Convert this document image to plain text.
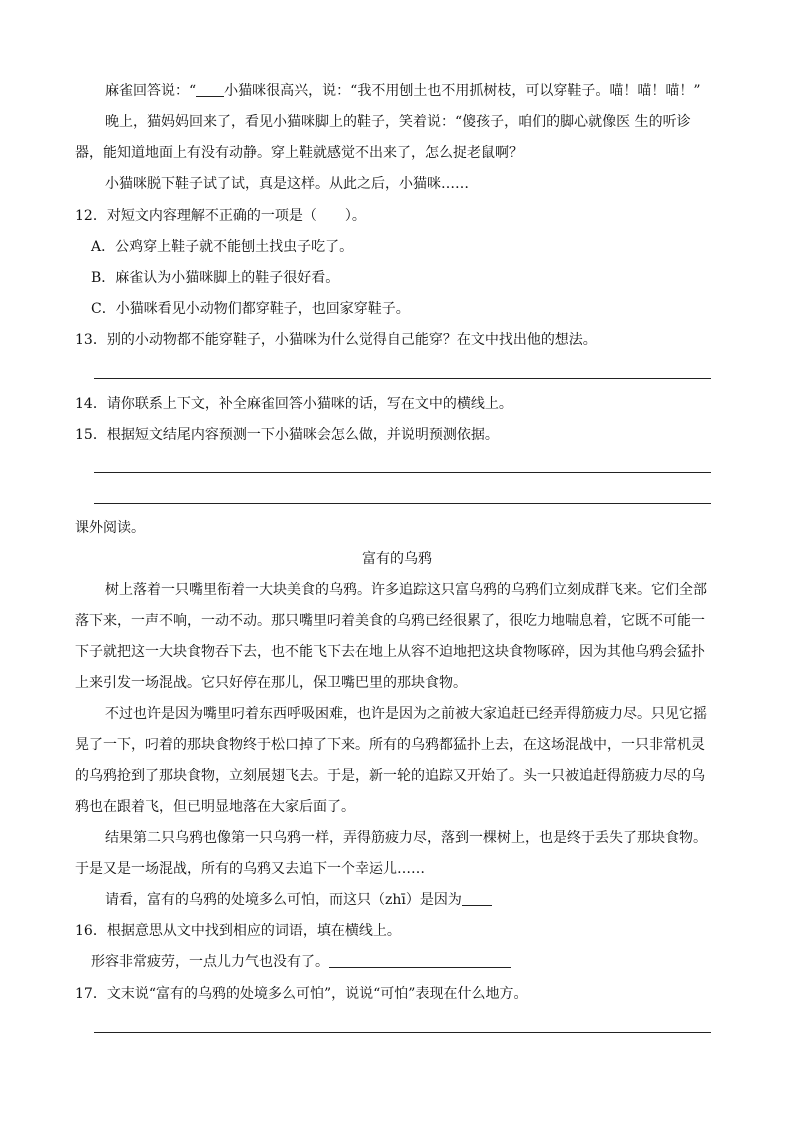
麻雀回答说：“ 小猫咪很高兴，说：“我不用刨土也不用抓树枝，可以穿鞋子。喵！喵！喵！”
晚上，猫妈妈回来了，看见小猫咪脚上的鞋子，笑着说：“傻孩子，咱们的脚心就像医 生的听诊
器，能知道地面上有没有动静。穿上鞋就感觉不出来了，怎么捉老鼠啊？
小猫咪脱下鞋子试了试，真是这样。从此之后，小猫咪……
12．对短文内容理解不正确的一项是（　　）。
A．公鸡穿上鞋子就不能刨土找虫子吃了。
B．麻雀认为小猫咪脚上的鞋子很好看。
C．小猫咪看见小动物们都穿鞋子，也回家穿鞋子。
13．别的小动物都不能穿鞋子，小猫咪为什么觉得自己能穿？在文中找出他的想法。
14．请你联系上下文，补全麻雀回答小猫咪的话，写在文中的横线上。
15．根据短文结尾内容预测一下小猫咪会怎么做，并说明预测依据。
课外阅读。
富有的乌鸦
树上落着一只嘴里衔着一大块美食的乌鸦。许多追踪这只富乌鸦的乌鸦们立刻成群飞来。它们全部
落下来，一声不响，一动不动。那只嘴里叼着美食的乌鸦已经很累了，很吃力地喘息着，它既不可能一
下子就把这一大块食物吞下去，也不能飞下去在地上从容不迫地把这块食物啄碎，因为其他乌鸦会猛扑
上来引发一场混战。它只好停在那儿，保卫嘴巴里的那块食物。
不过也许是因为嘴里叼着东西呼吸困难，也许是因为之前被大家追赶已经弄得筋疲力尽。只见它摇
晃了一下，叼着的那块食物终于松口掉了下来。所有的乌鸦都猛扑上去，在这场混战中，一只非常机灵
的乌鸦抢到了那块食物，立刻展翅飞去。于是，新一轮的追踪又开始了。头一只被追赶得筋疲力尽的乌
鸦也在跟着飞，但已明显地落在大家后面了。
结果第二只乌鸦也像第一只乌鸦一样，弄得筋疲力尽，落到一棵树上，也是终于丢失了那块食物。
于是又是一场混战，所有的乌鸦又去追下一个幸运儿……
请看，富有的乌鸦的处境多么可怕，而这只（zhī）是因为
16．根据意思从文中找到相应的词语，填在横线上。
形容非常疲劳，一点儿力气也没有了。
17．文末说“富有的乌鸦的处境多么可怕”，说说“可怕”表现在什么地方。
